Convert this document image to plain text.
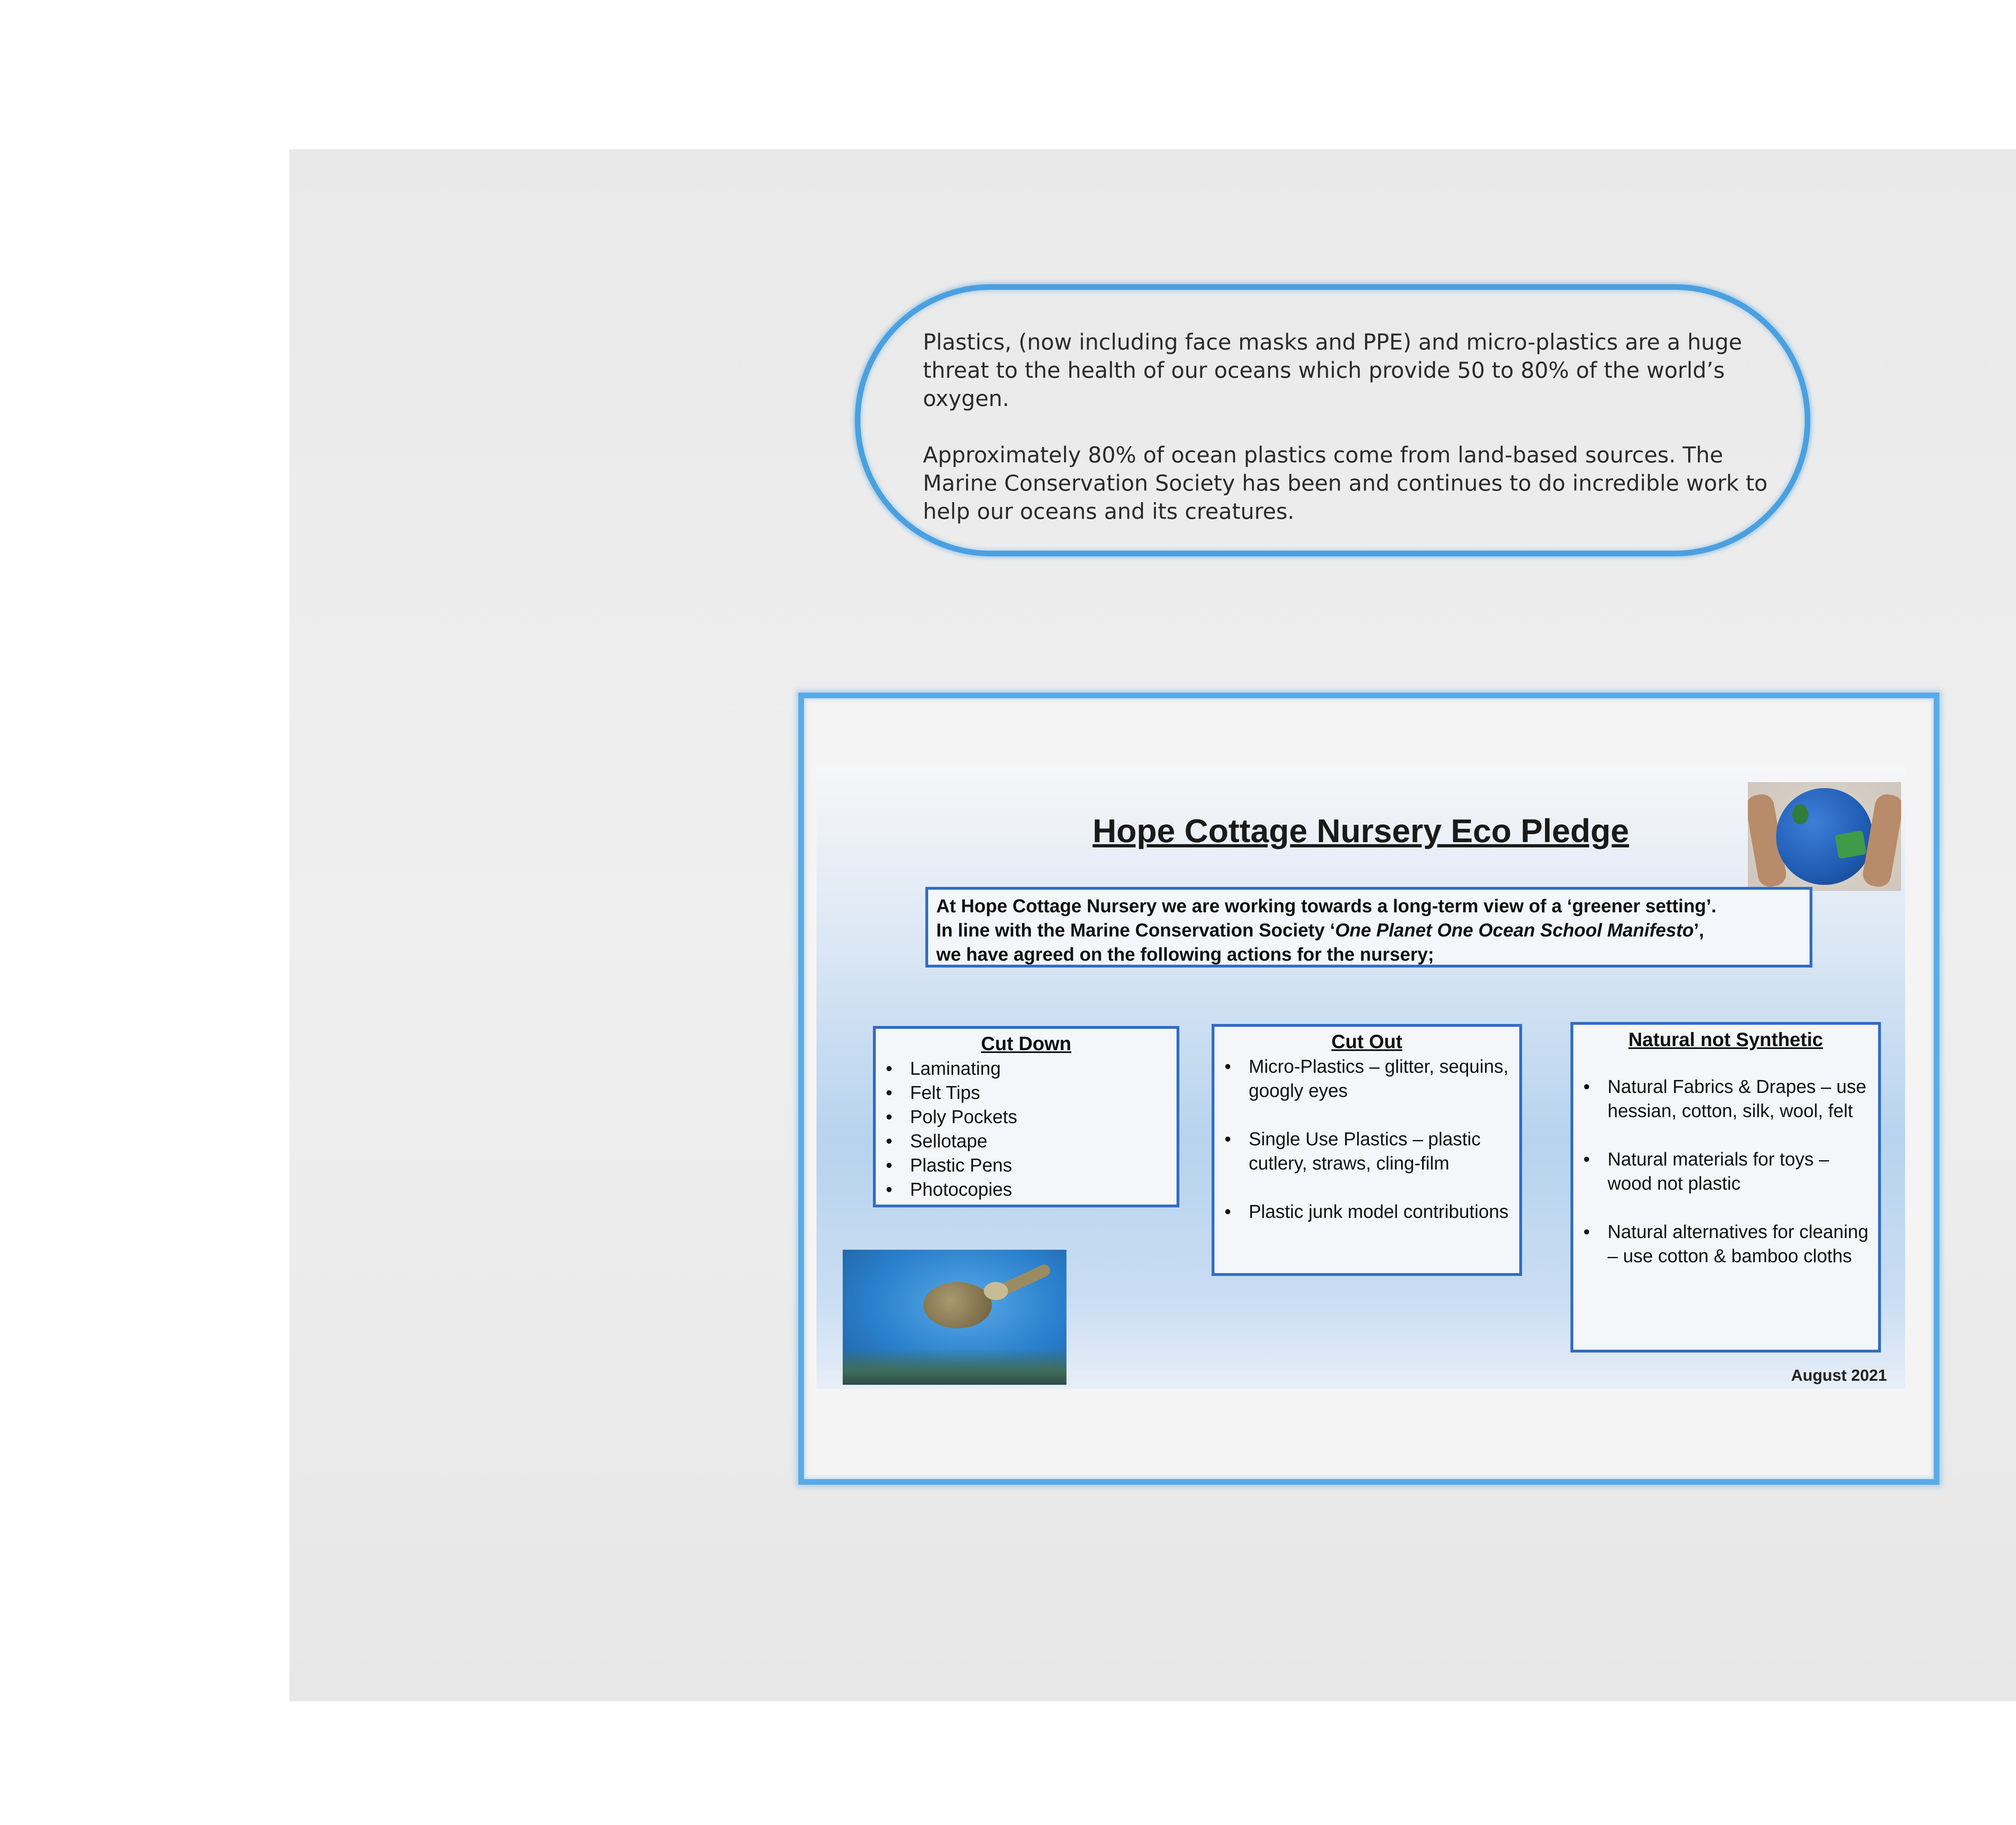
Plastics, (now including face masks and PPE) and micro-plastics are a huge threat to the health of our oceans which provide 50 to 80% of the world’s oxygen.

Approximately 80% of ocean plastics come from land-based sources. The Marine Conservation Society has been and continues to do incredible work to help our oceans and its creatures.

Hope Cottage Nursery Eco Pledge
At Hope Cottage Nursery we are working towards a long-term view of a ‘greener setting’.
In line with the Marine Conservation Society ‘One Planet One Ocean School Manifesto’,
we have agreed on the following actions for the nursery;
Cut Down
• Laminating
• Felt Tips
• Poly Pockets
• Sellotape
• Plastic Pens
• Photocopies
Cut Out
• Micro-Plastics – glitter, sequins, googly eyes
• Single Use Plastics – plastic cutlery, straws, cling-film
• Plastic junk model contributions
Natural not Synthetic
• Natural Fabrics & Drapes – use hessian, cotton, silk, wool, felt
• Natural materials for toys – wood not plastic
• Natural alternatives for cleaning – use cotton & bamboo cloths
August 2021
